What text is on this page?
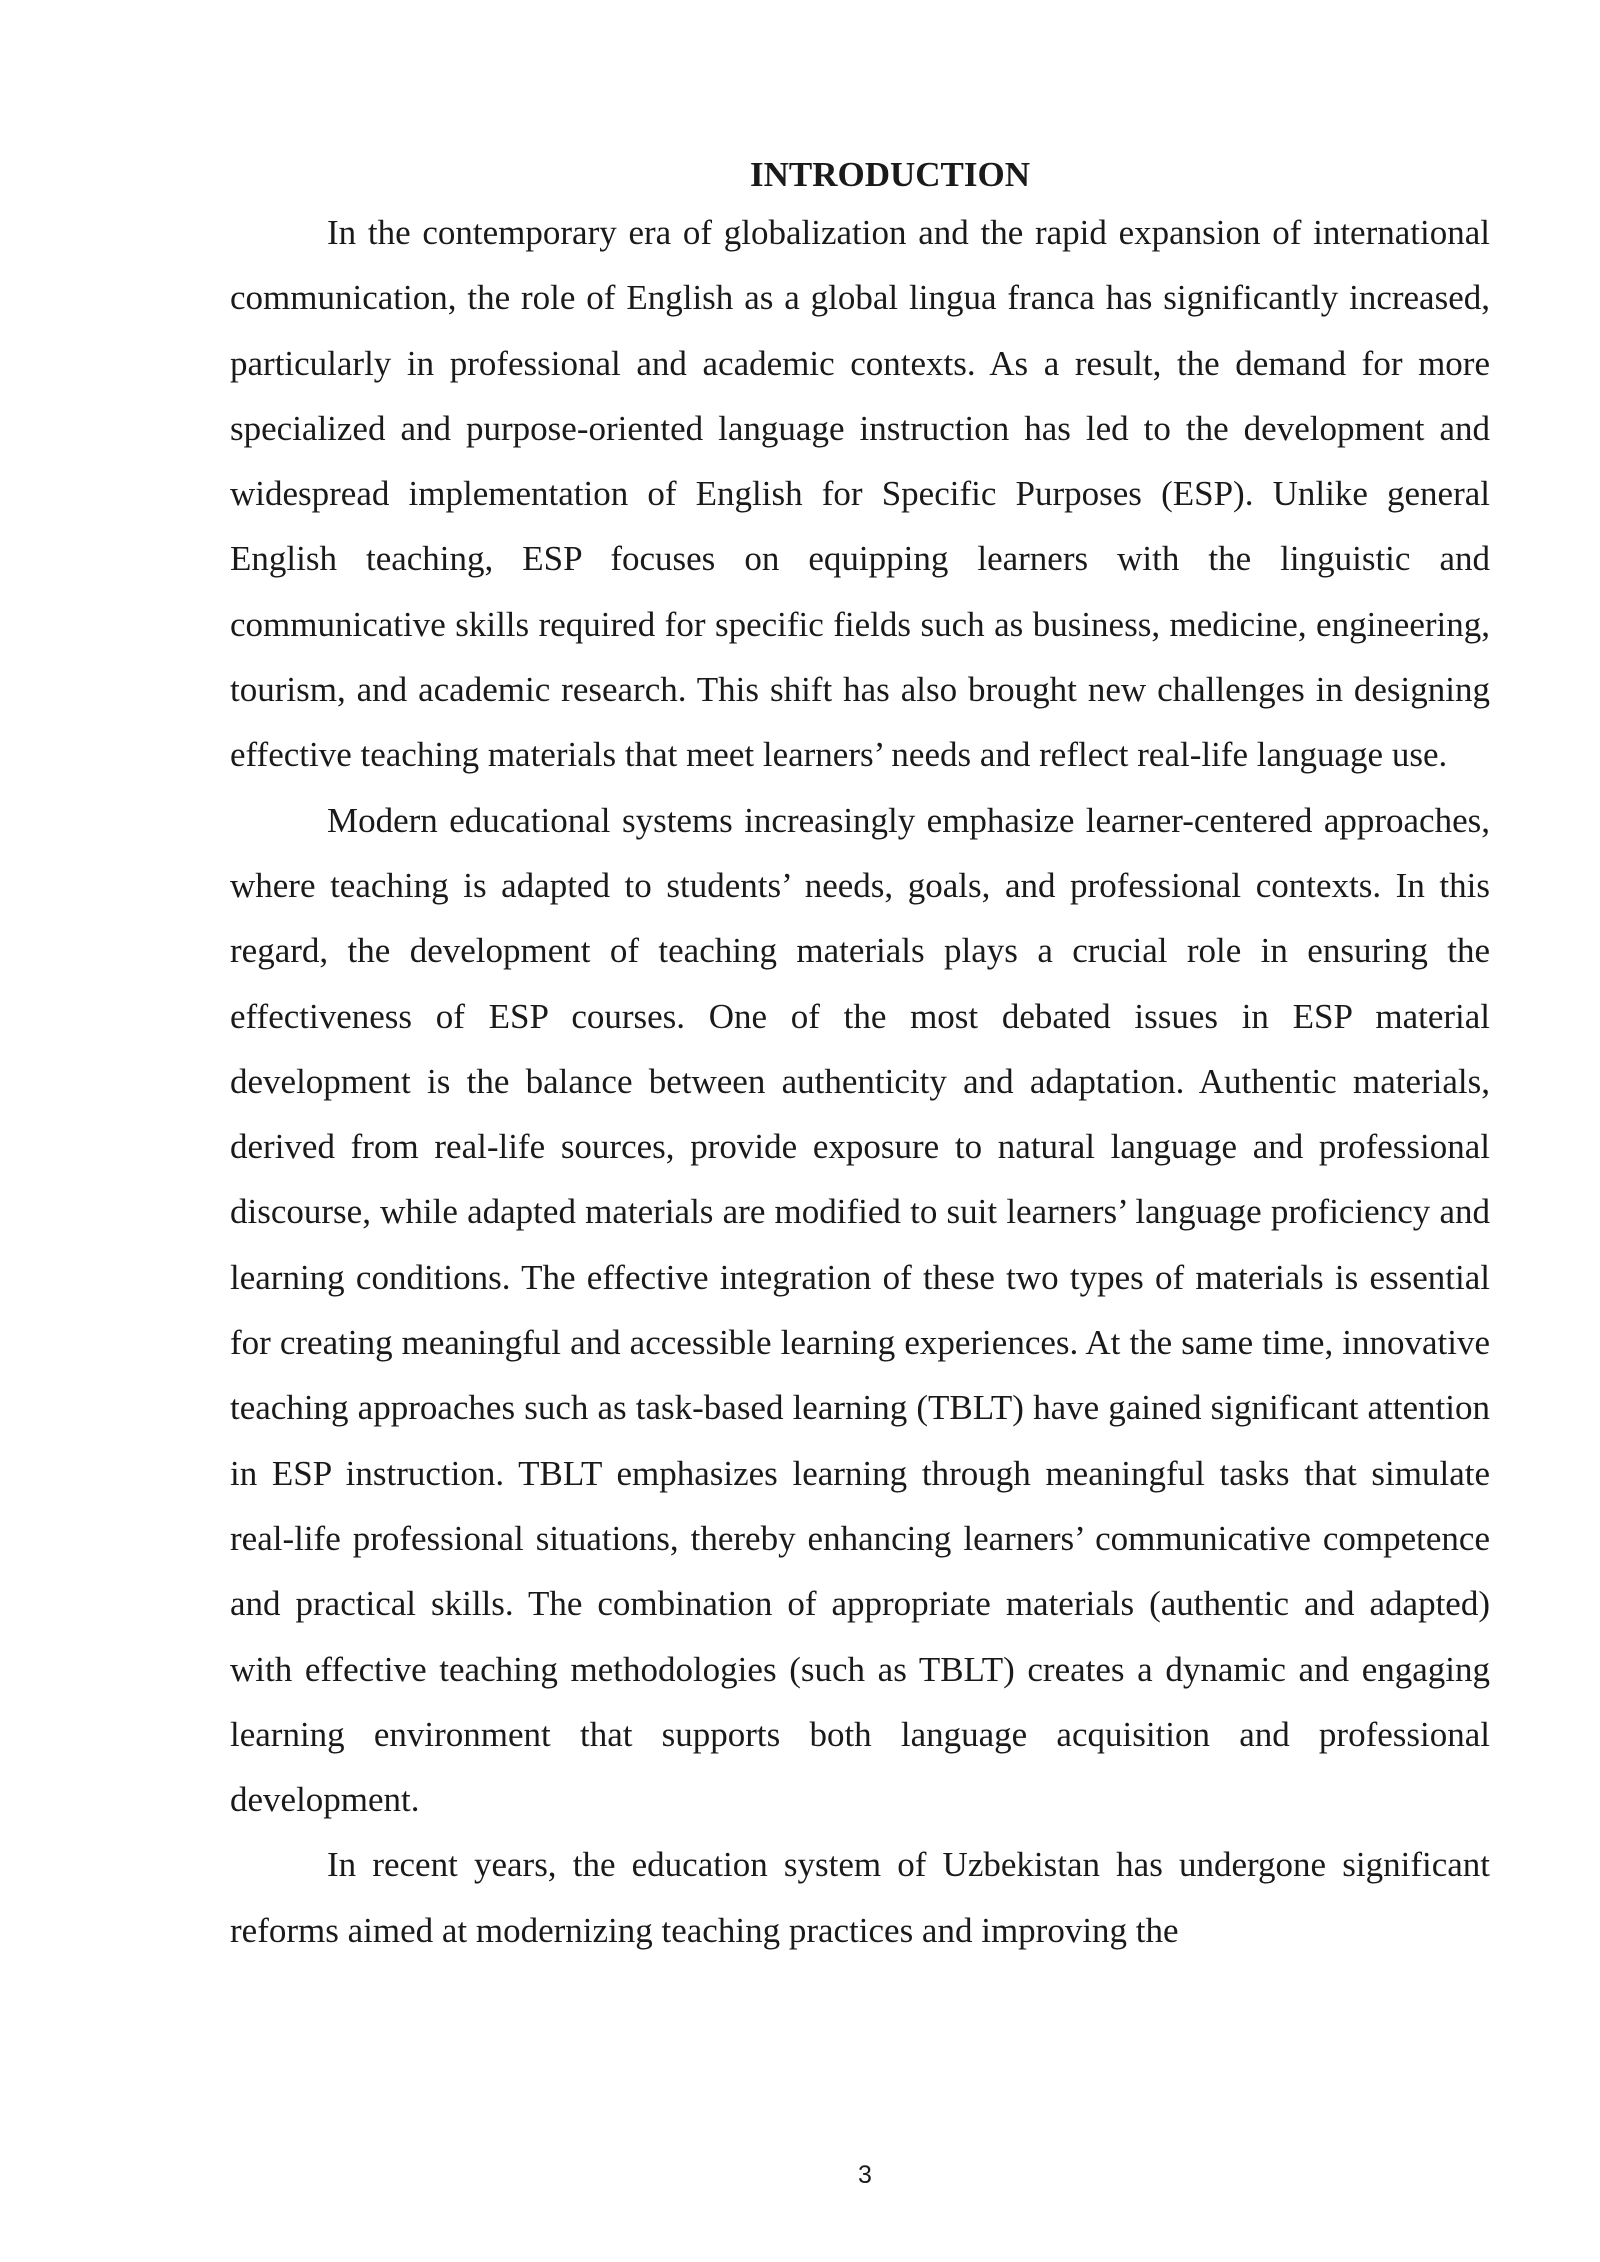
INTRODUCTION

In the contemporary era of globalization and the rapid expansion of international communication, the role of English as a global lingua franca has significantly increased, particularly in professional and academic contexts. As a result, the demand for more specialized and purpose-oriented language instruction has led to the development and widespread implementation of English for Specific Purposes (ESP). Unlike general English teaching, ESP focuses on equipping learners with the linguistic and communicative skills required for specific fields such as business, medicine, engineering, tourism, and academic research. This shift has also brought new challenges in designing effective teaching materials that meet learners’ needs and reflect real-life language use.

Modern educational systems increasingly emphasize learner-centered approaches, where teaching is adapted to students’ needs, goals, and professional contexts. In this regard, the development of teaching materials plays a crucial role in ensuring the effectiveness of ESP courses. One of the most debated issues in ESP material development is the balance between authenticity and adaptation. Authentic materials, derived from real-life sources, provide exposure to natural language and professional discourse, while adapted materials are modified to suit learners’ language proficiency and learning conditions. The effective integration of these two types of materials is essential for creating meaningful and accessible learning experiences. At the same time, innovative teaching approaches such as task-based learning (TBLT) have gained significant attention in ESP instruction. TBLT emphasizes learning through meaningful tasks that simulate real-life professional situations, thereby enhancing learners’ communicative competence and practical skills. The combination of appropriate materials (authentic and adapted) with effective teaching methodologies (such as TBLT) creates a dynamic and engaging learning environment that supports both language acquisition and professional development.

In recent years, the education system of Uzbekistan has undergone significant reforms aimed at modernizing teaching practices and improving the

3
